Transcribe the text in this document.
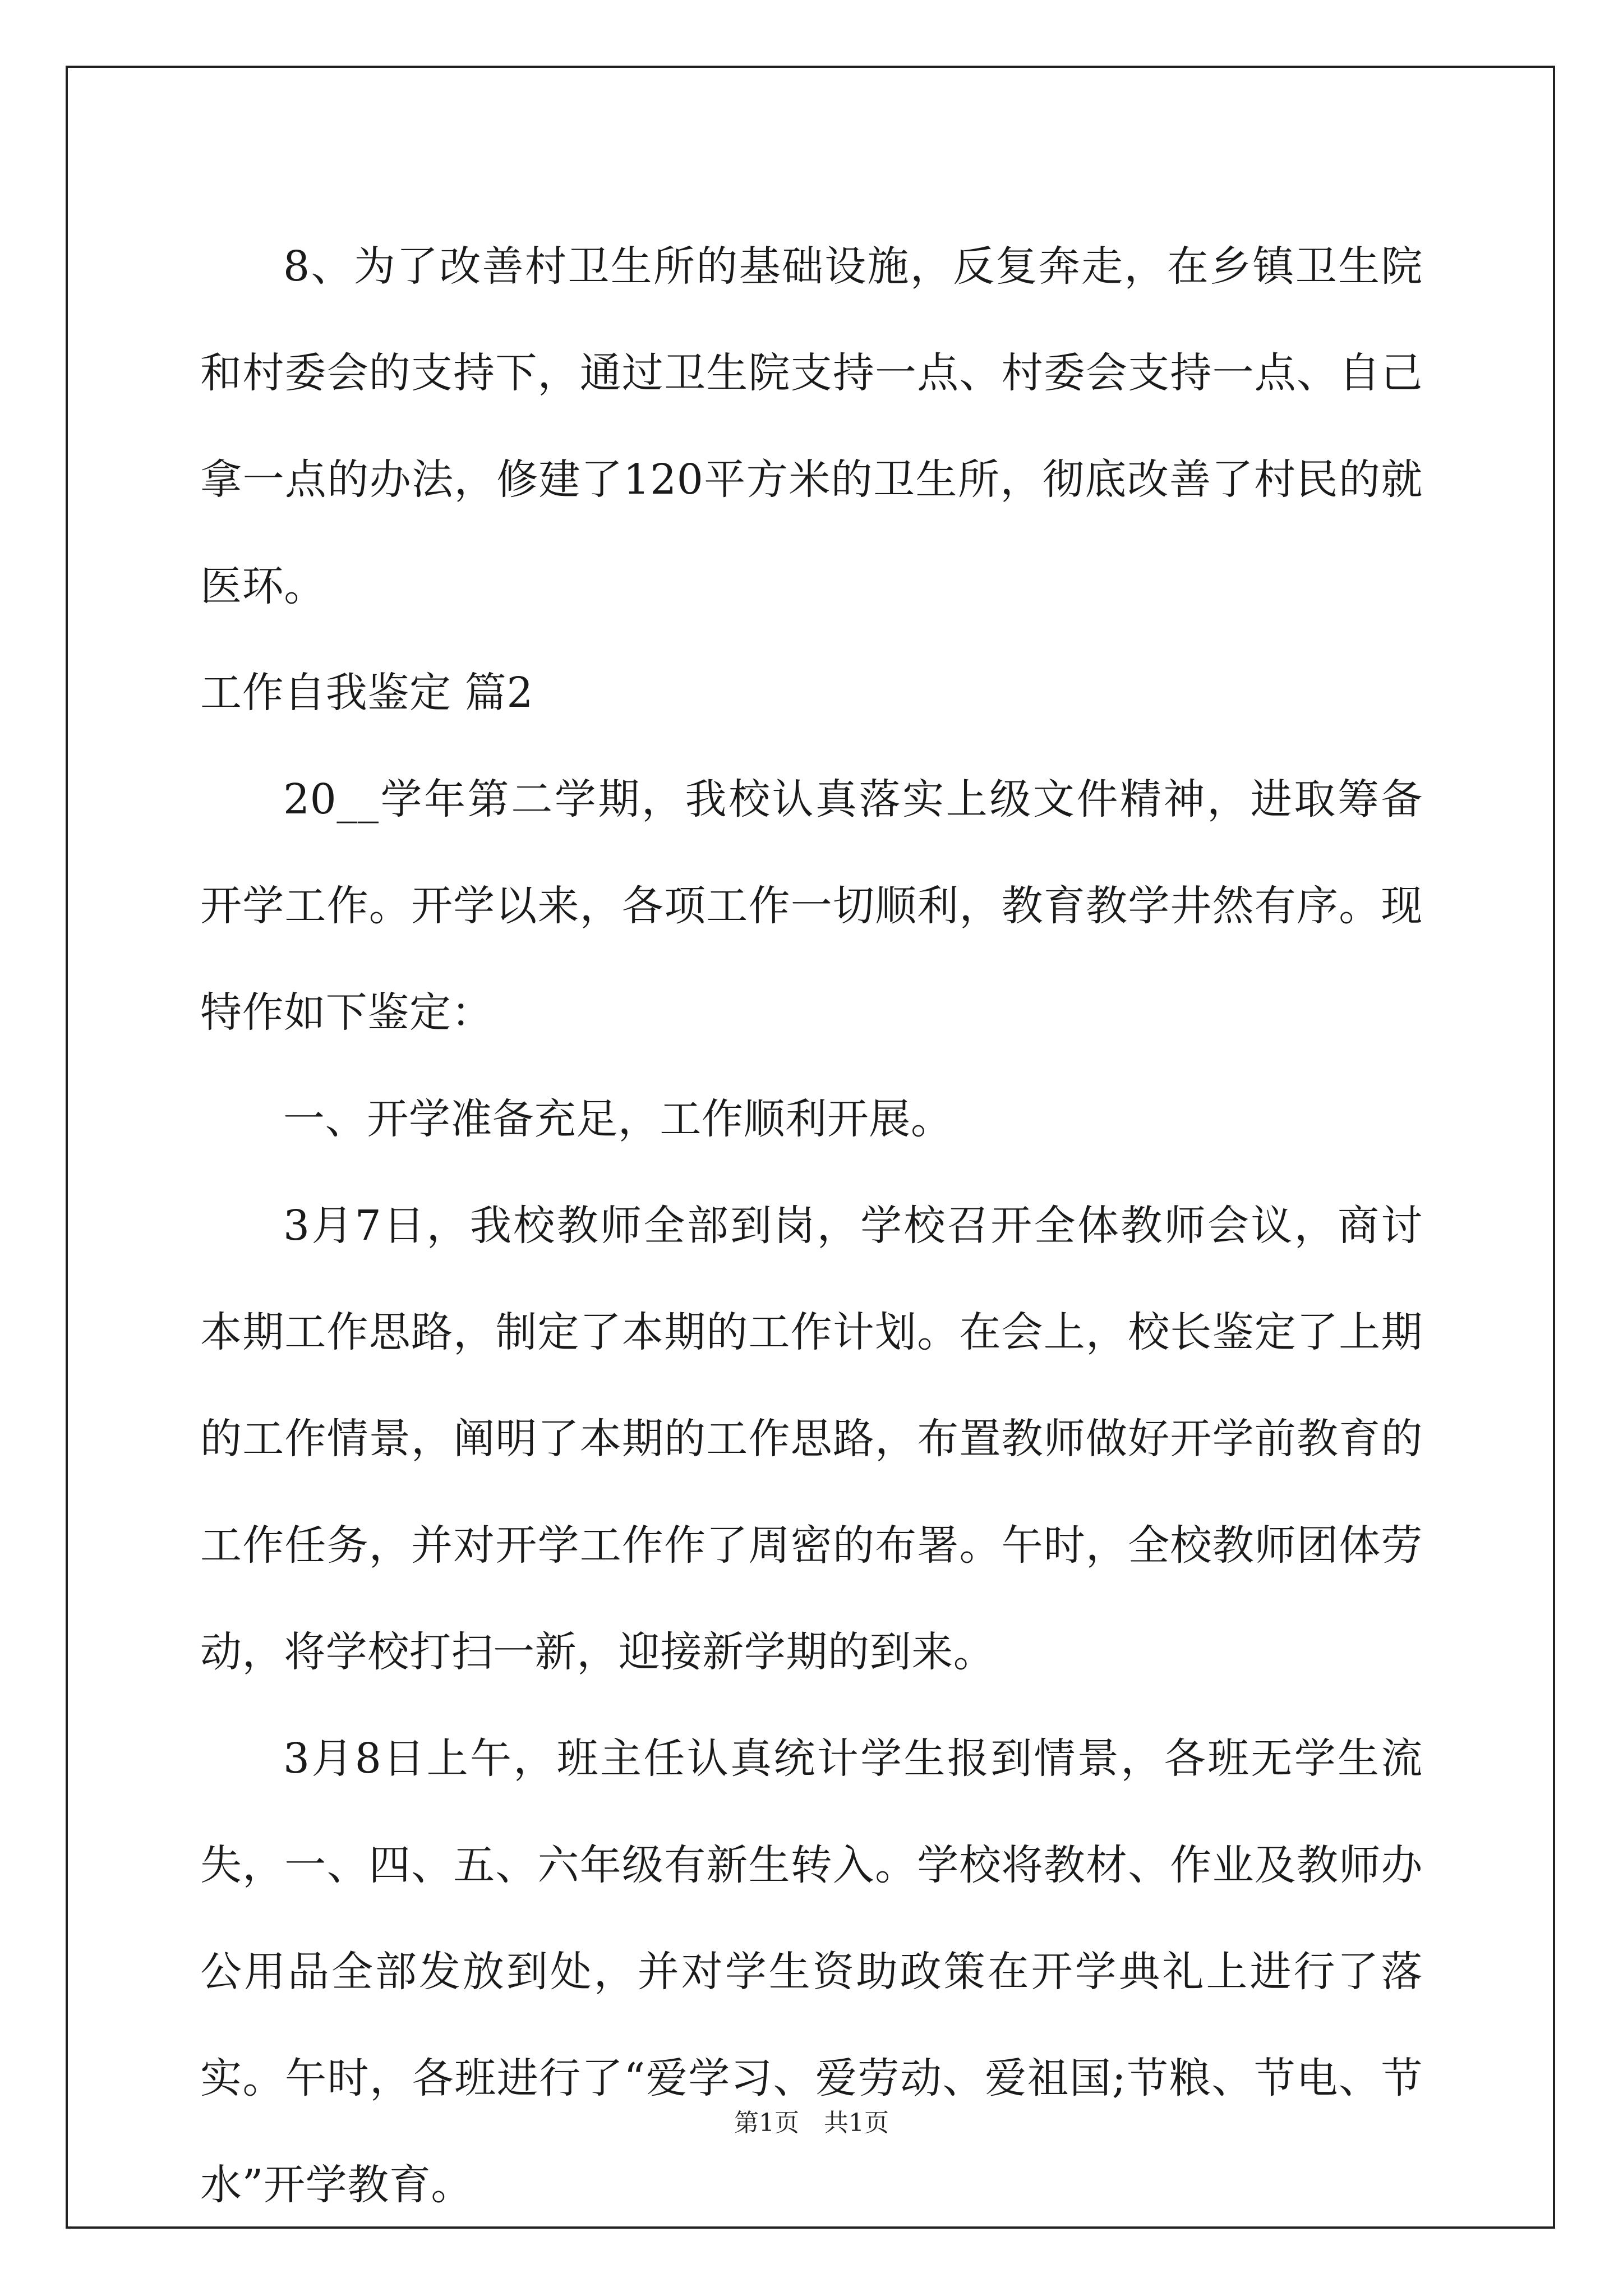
8、为了改善村卫生所的基础设施，反复奔走，在乡镇卫生院和村委会的支持下，通过卫生院支持一点、村委会支持一点、自己拿一点的办法，修建了120平方米的卫生所，彻底改善了村民的就医环。

工作自我鉴定 篇2

20__学年第二学期，我校认真落实上级文件精神，进取筹备开学工作。开学以来，各项工作一切顺利，教育教学井然有序。现特作如下鉴定：

一、开学准备充足，工作顺利开展。

3月7日，我校教师全部到岗，学校召开全体教师会议，商讨本期工作思路，制定了本期的工作计划。在会上，校长鉴定了上期的工作情景，阐明了本期的工作思路，布置教师做好开学前教育的工作任务，并对开学工作作了周密的布署。午时，全校教师团体劳动，将学校打扫一新，迎接新学期的到来。

3月8日上午，班主任认真统计学生报到情景，各班无学生流失，一、四、五、六年级有新生转入。学校将教材、作业及教师办公用品全部发放到处，并对学生资助政策在开学典礼上进行了落实。午时，各班进行了“爱学习、爱劳动、爱祖国;节粮、节电、节水”开学教育。

第1页 共1页
